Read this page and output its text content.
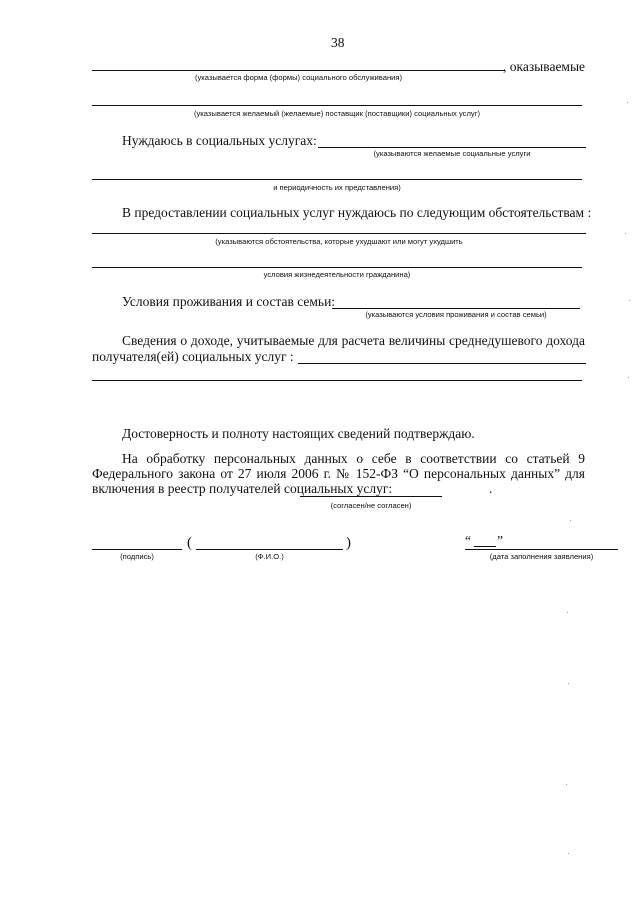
38
, оказываемые
(указывается форма (формы) социального обслуживания)
(указывается желаемый (желаемые) поставщик (поставщики) социальных услуг)
Нуждаюсь в социальных услугах:
(указываются желаемые социальные услуги
и периодичность их представления)
В предоставлении социальных услуг нуждаюсь по следующим обстоятельствам :
(указываются обстоятельства, которые ухудшают или могут ухудшить
условия жизнедеятельности гражданина)
Условия проживания и состав семьи:
(указываются условия проживания и состав семьи)
Сведения о доходе, учитываемые для расчета величины среднедушевого дохода
получателя(ей) социальных услуг :
Достоверность и полноту настоящих сведений подтверждаю.
На обработку персональных данных о себе в соответствии со статьей 9
Федерального закона от 27 июля 2006 г. № 152-ФЗ “О персональных данных” для
включения в реестр получателей социальных услуг:	.
(согласен/не согласен)
(	)
(подпись)	(Ф.И.О.)
“ ”
(дата заполнения заявления)
